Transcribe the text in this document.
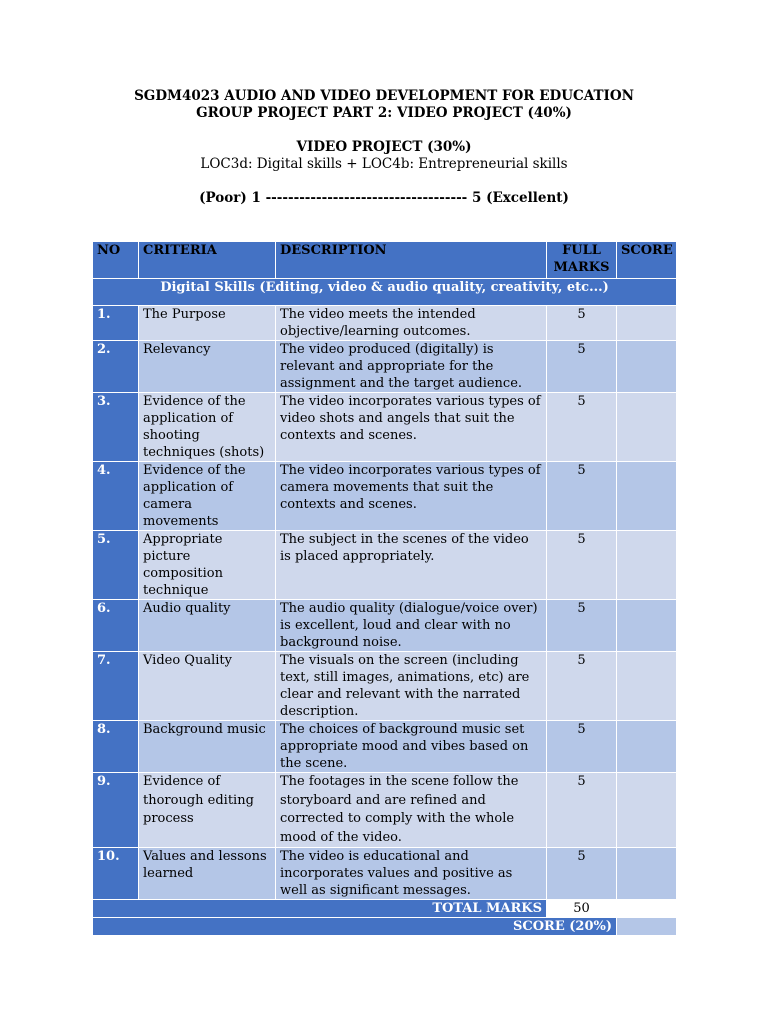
SGDM4023 AUDIO AND VIDEO DEVELOPMENT FOR EDUCATION
GROUP PROJECT PART 2: VIDEO PROJECT (40%)
VIDEO PROJECT (30%)
LOC3d: Digital skills + LOC4b: Entrepreneurial skills
(Poor) 1 ------------------------------------ 5 (Excellent)
NO	CRITERIA	DESCRIPTION	FULL MARKS	SCORE
Digital Skills (Editing, video & audio quality, creativity, etc...)				
1.	The Purpose	The video meets the intended objective/learning outcomes.	5	
2.	Relevancy	The video produced (digitally) is relevant and appropriate for the assignment and the target audience.	5	
3.	Evidence of the application of shooting techniques (shots)	The video incorporates various types of video shots and angels that suit the contexts and scenes.	5	
4.	Evidence of the application of camera movements	The video incorporates various types of camera movements that suit the contexts and scenes.	5	
5.	Appropriate picture composition technique	The subject in the scenes of the video is placed appropriately.	5	
6.	Audio quality	The audio quality (dialogue/voice over) is excellent, loud and clear with no background noise.	5	
7.	Video Quality	The visuals on the screen (including text, still images, animations, etc) are clear and relevant with the narrated description.	5	
8.	Background music	The choices of background music set appropriate mood and vibes based on the scene.	5	
9.	Evidence of thorough editing process	The footages in the scene follow the storyboard and are refined and corrected to comply with the whole mood of the video.	5	
10.	Values and lessons learned	The video is educational and incorporates values and positive as well as significant messages.	5	
TOTAL MARKS			50	
SCORE (20%)				
